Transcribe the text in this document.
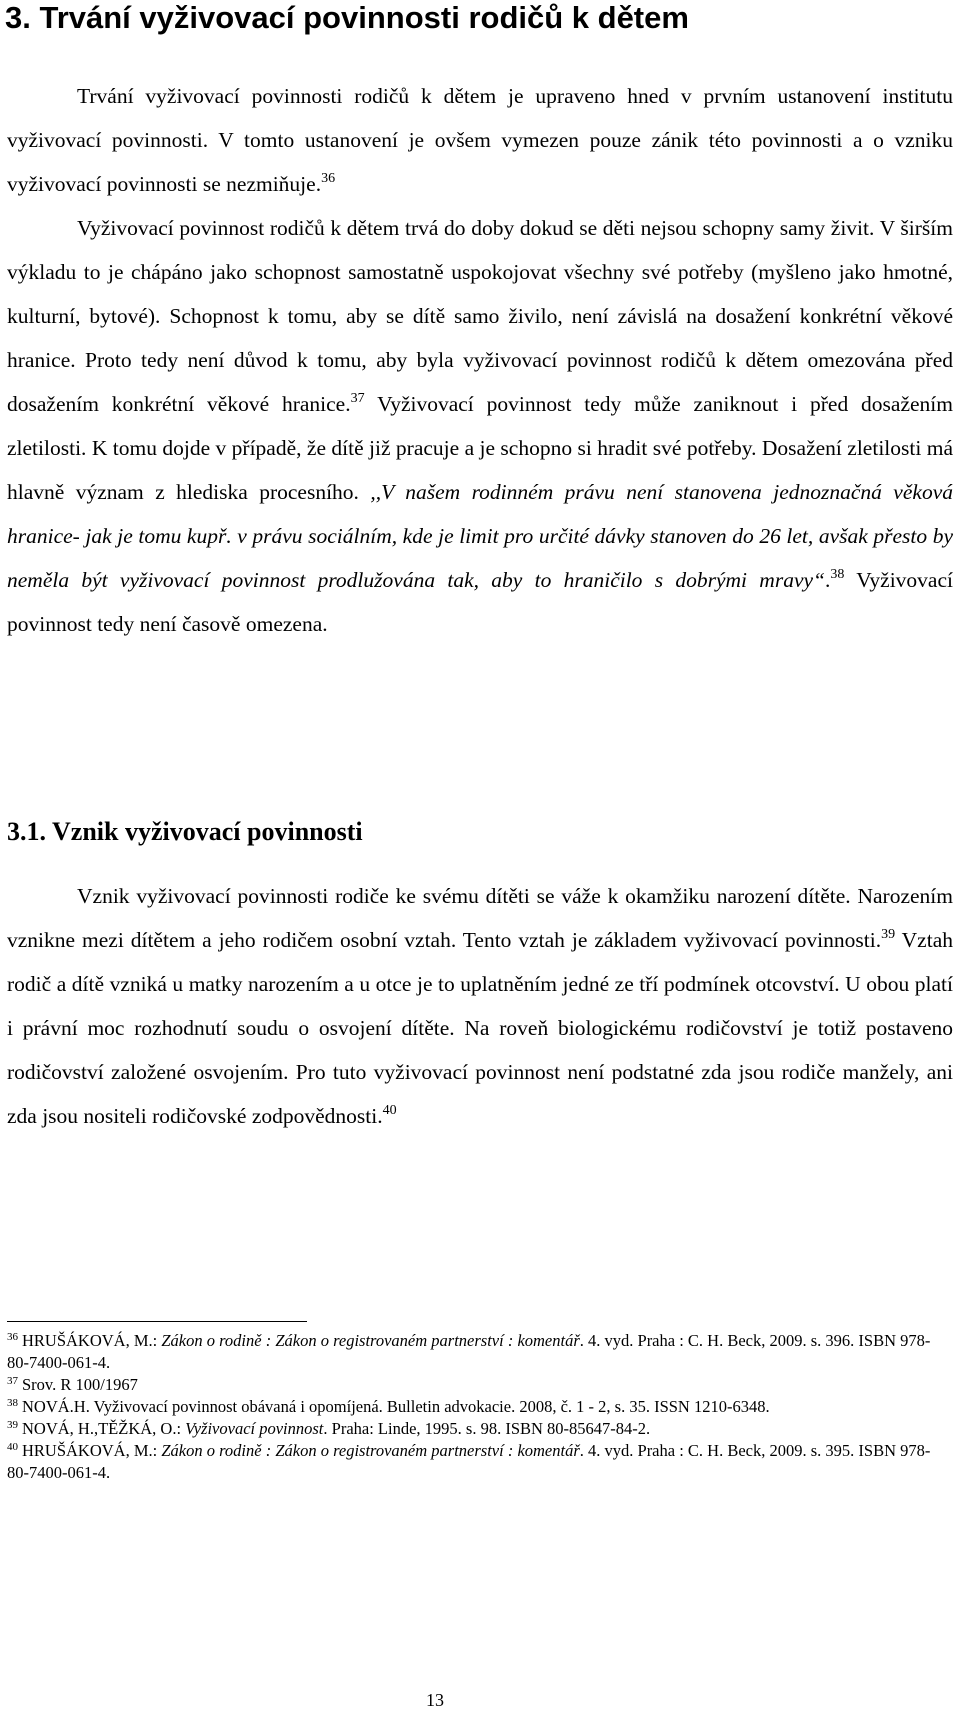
3. Trvání vyživovací povinnosti rodičů k dětem

Trvání vyživovací povinnosti rodičů k dětem je upraveno hned v prvním ustanovení institutu vyživovací povinnosti. V tomto ustanovení je ovšem vymezen pouze zánik této povinnosti a o vzniku vyživovací povinnosti se nezmiňuje.$^{36}$

Vyživovací povinnost rodičů k dětem trvá do doby dokud se děti nejsou schopny samy živit. V širším výkladu to je chápáno jako schopnost samostatně uspokojovat všechny své potřeby (myšleno jako hmotné, kulturní, bytové). Schopnost k tomu, aby se dítě samo živilo, není závislá na dosažení konkrétní věkové hranice. Proto tedy není důvod k tomu, aby byla vyživovací povinnost rodičů k dětem omezována před dosažením konkrétní věkové hranice.$^{37}$ Vyživovací povinnost tedy může zaniknout i před dosažením zletilosti. K tomu dojde v případě, že dítě již pracuje a je schopno si hradit své potřeby. Dosažení zletilosti má hlavně význam z hlediska procesního. ,,V našem rodinném právu není stanovena jednoznačná věková hranice- jak je tomu kupř. v právu sociálním, kde je limit pro určité dávky stanoven do 26 let, avšak přesto by neměla být vyživovací povinnost prodlužována tak, aby to hraničilo s dobrými mravy“.$^{38}$ Vyživovací povinnost tedy není časově omezena.

3.1. Vznik vyživovací povinnosti

Vznik vyživovací povinnosti rodiče ke svému dítěti se váže k okamžiku narození dítěte. Narozením vznikne mezi dítětem a jeho rodičem osobní vztah. Tento vztah je základem vyživovací povinnosti.$^{39}$ Vztah rodič a dítě vzniká u matky narozením a u otce je to uplatněním jedné ze tří podmínek otcovství. U obou platí i právní moc rozhodnutí soudu o osvojení dítěte. Na roveň biologickému rodičovství je totiž postaveno rodičovství založené osvojením. Pro tuto vyživovací povinnost není podstatné zda jsou rodiče manžely, ani zda jsou nositeli rodičovské zodpovědnosti.$^{40}$

$^{36}$ HRUŠÁKOVÁ, M.: Zákon o rodině : Zákon o registrovaném partnerství : komentář. 4. vyd. Praha : C. H. Beck, 2009. s. 396. ISBN 978-80-7400-061-4.

$^{37}$ Srov. R 100/1967

$^{38}$ NOVÁ.H. Vyživovací povinnost obávaná i opomíjená. Bulletin advokacie. 2008, č. 1 - 2, s. 35. ISSN 1210-6348.

$^{39}$ NOVÁ, H.,TĚŽKÁ, O.: Vyživovací povinnost. Praha: Linde, 1995. s. 98. ISBN 80-85647-84-2.

$^{40}$ HRUŠÁKOVÁ, M.: Zákon o rodině : Zákon o registrovaném partnerství : komentář. 4. vyd. Praha : C. H. Beck, 2009. s. 395. ISBN 978-80-7400-061-4.

13
